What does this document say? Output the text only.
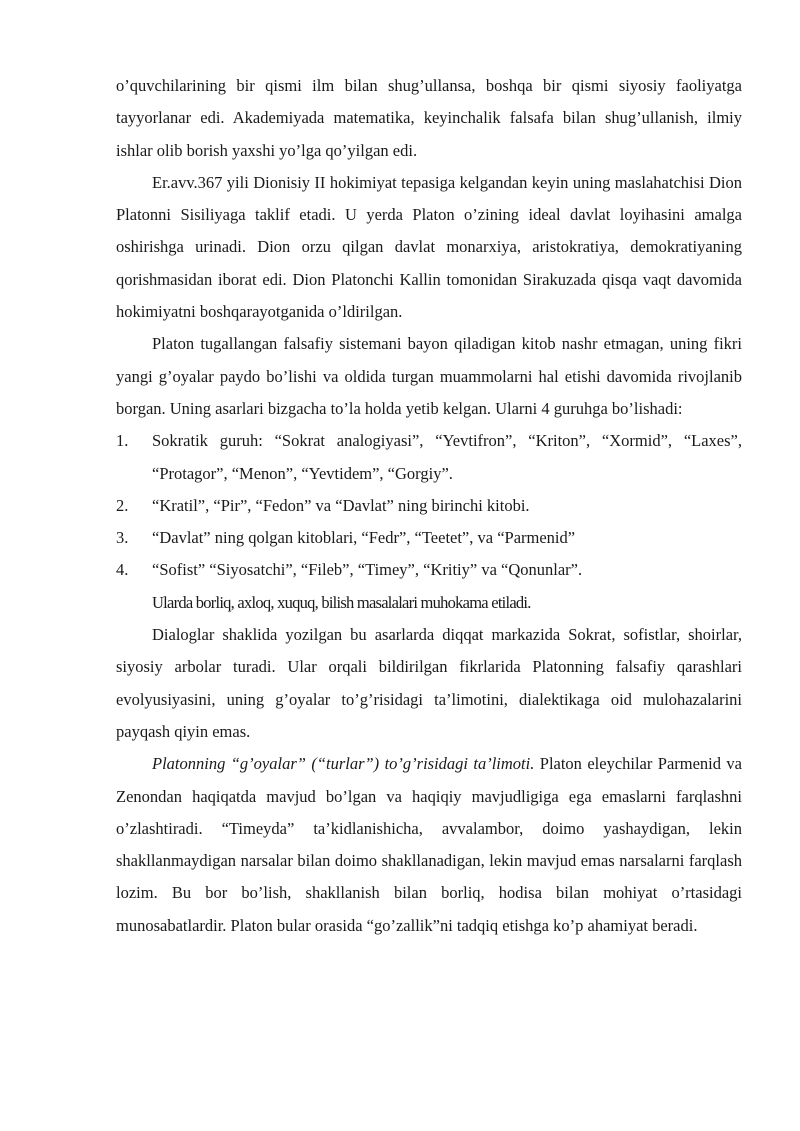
o’quvchilarining bir qismi ilm bilan shug’ullansa, boshqa bir qismi siyosiy faoliyatga tayyorlanar edi. Akademiyada matematika, keyinchalik falsafa bilan shug’ullanish, ilmiy ishlar olib borish yaxshi yo’lga qo’yilgan edi.

Er.avv.367 yili Dionisiy II hokimiyat tepasiga kelgandan keyin uning maslahatchisi Dion Platonni Sisiliyaga taklif etadi. U yerda Platon o’zining ideal davlat loyihasini amalga oshirishga urinadi. Dion orzu qilgan davlat monarxiya, aristokratiya, demokratiyaning qorishmasidan iborat edi. Dion Platonchi Kallin tomonidan Sirakuzada qisqa vaqt davomida hokimiyatni boshqarayotganida o’ldirilgan.

Platon tugallangan falsafiy sistemani bayon qiladigan kitob nashr etmagan, uning fikri yangi g’oyalar paydo bo’lishi va oldida turgan muammolarni hal etishi davomida rivojlanib borgan. Uning asarlari bizgacha to’la holda yetib kelgan. Ularni 4 guruhga bo’lishadi:

1. Sokratik guruh: “Sokrat analogiyasi”, “Yevtifron”, “Kriton”, “Xormid”, “Laxes”, “Protagor”, “Menon”, “Yevtidem”, “Gorgiy”.
2. “Kratil”, “Pir”, “Fedon” va “Davlat” ning birinchi kitobi.
3. “Davlat” ning qolgan kitoblari, “Fedr”, “Teetet”, va “Parmenid”
4. “Sofist” “Siyosatchi”, “Fileb”, “Timey”, “Kritiy” va “Qonunlar”.
Ularda borliq, axloq, xuquq, bilish masalalari muhokama etiladi.

Dialoglar shaklida yozilgan bu asarlarda diqqat markazida Sokrat, sofistlar, shoirlar, siyosiy arbolar turadi. Ular orqali bildirilgan fikrlarida Platonning falsafiy qarashlari evolyusiyasini, uning g’oyalar to’g’risidagi ta’limotini, dialektikaga oid mulohazalarini payqash qiyin emas.

Platonning “g’oyalar” (“turlar”) to’g’risidagi ta’limoti. Platon eleychilar Parmenid va Zenondan haqiqatda mavjud bo’lgan va haqiqiy mavjudligiga ega emaslarni farqlashni o’zlashtiradi. “Timeyda” ta’kidlanishicha, avvalambor, doimo yashaydigan, lekin shakllanmaydigan narsalar bilan doimo shakllanadigan, lekin mavjud emas narsalarni farqlash lozim. Bu bor bo’lish, shakllanish bilan borliq, hodisa bilan mohiyat o’rtasidagi munosabatlardir. Platon bular orasida “go’zallik”ni tadqiq etishga ko’p ahamiyat beradi.
